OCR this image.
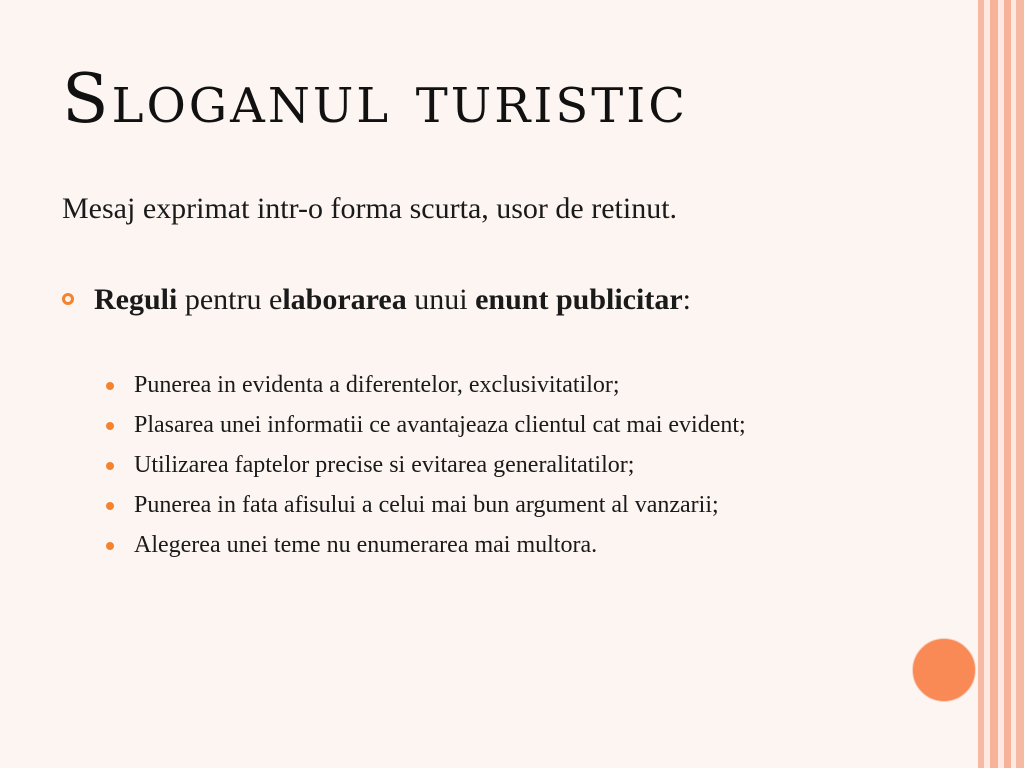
Sloganul turistic

Mesaj exprimat intr-o forma scurta, usor de retinut.

Reguli pentru elaborarea unui enunt publicitar:
Punerea in evidenta a diferentelor, exclusivitatilor;
Plasarea unei informatii ce avantajeaza clientul cat mai evident;
Utilizarea faptelor precise si evitarea generalitatilor;
Punerea in fata afisului a celui mai bun argument al vanzarii;
Alegerea unei teme nu enumerarea mai multora.
